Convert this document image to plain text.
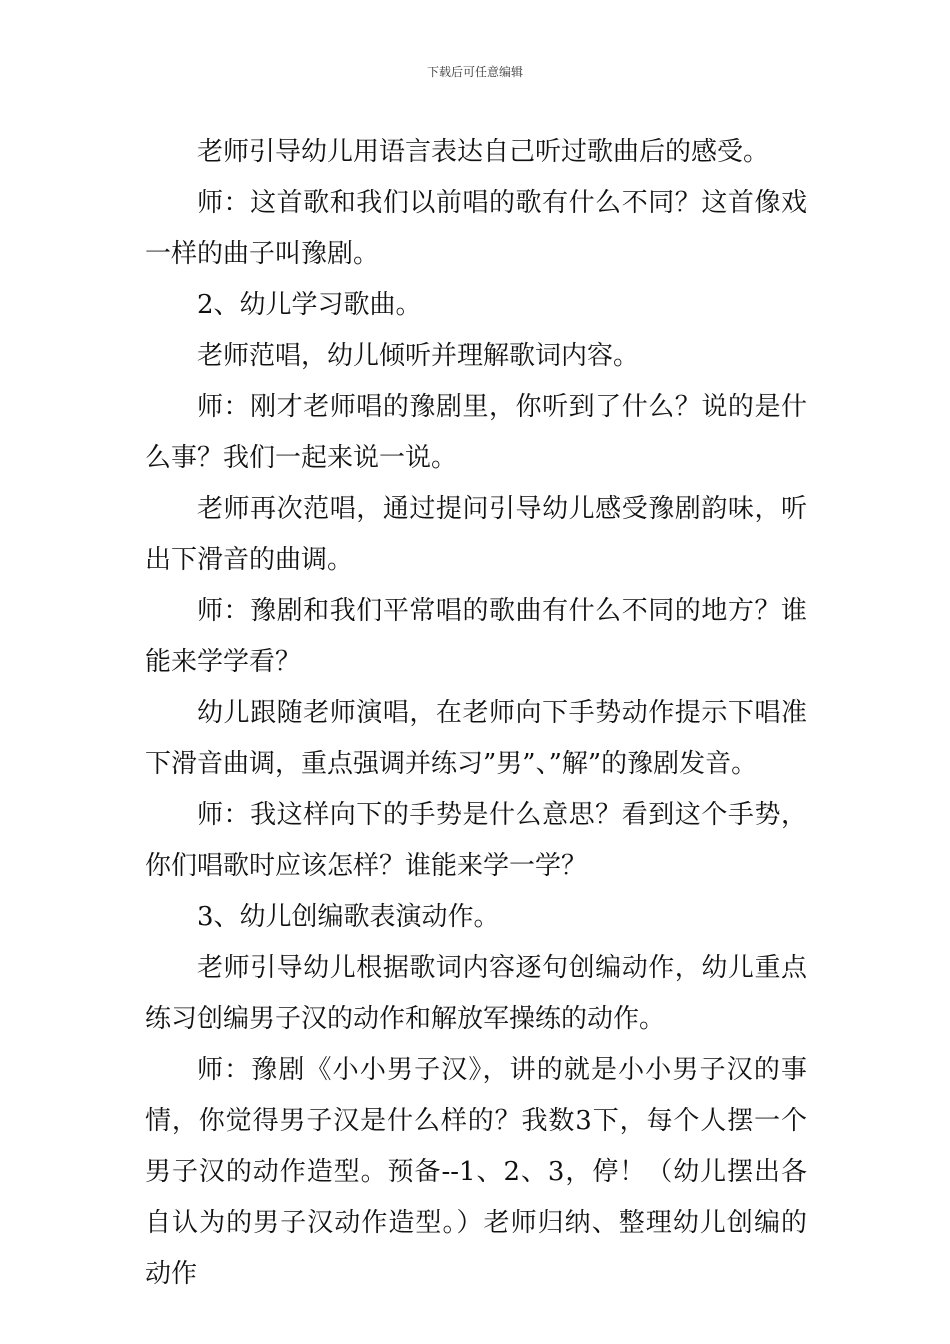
下载后可任意编辑

老师引导幼儿用语言表达自己听过歌曲后的感受。

师：这首歌和我们以前唱的歌有什么不同？这首像戏一样的曲子叫豫剧。

2、幼儿学习歌曲。

老师范唱，幼儿倾听并理解歌词内容。

师：刚才老师唱的豫剧里，你听到了什么？说的是什么事？我们一起来说一说。

老师再次范唱，通过提问引导幼儿感受豫剧韵味，听出下滑音的曲调。

师：豫剧和我们平常唱的歌曲有什么不同的地方？谁能来学学看？

幼儿跟随老师演唱，在老师向下手势动作提示下唱准下滑音曲调，重点强调并练习”男”、”解”的豫剧发音。

师：我这样向下的手势是什么意思？看到这个手势，你们唱歌时应该怎样？谁能来学一学？

3、幼儿创编歌表演动作。

老师引导幼儿根据歌词内容逐句创编动作，幼儿重点练习创编男子汉的动作和解放军操练的动作。

师：豫剧《小小男子汉》，讲的就是小小男子汉的事情，你觉得男子汉是什么样的？我数3下，每个人摆一个男子汉的动作造型。预备--1、2、3，停！（幼儿摆出各自认为的男子汉动作造型。）老师归纳、整理幼儿创编的动作
